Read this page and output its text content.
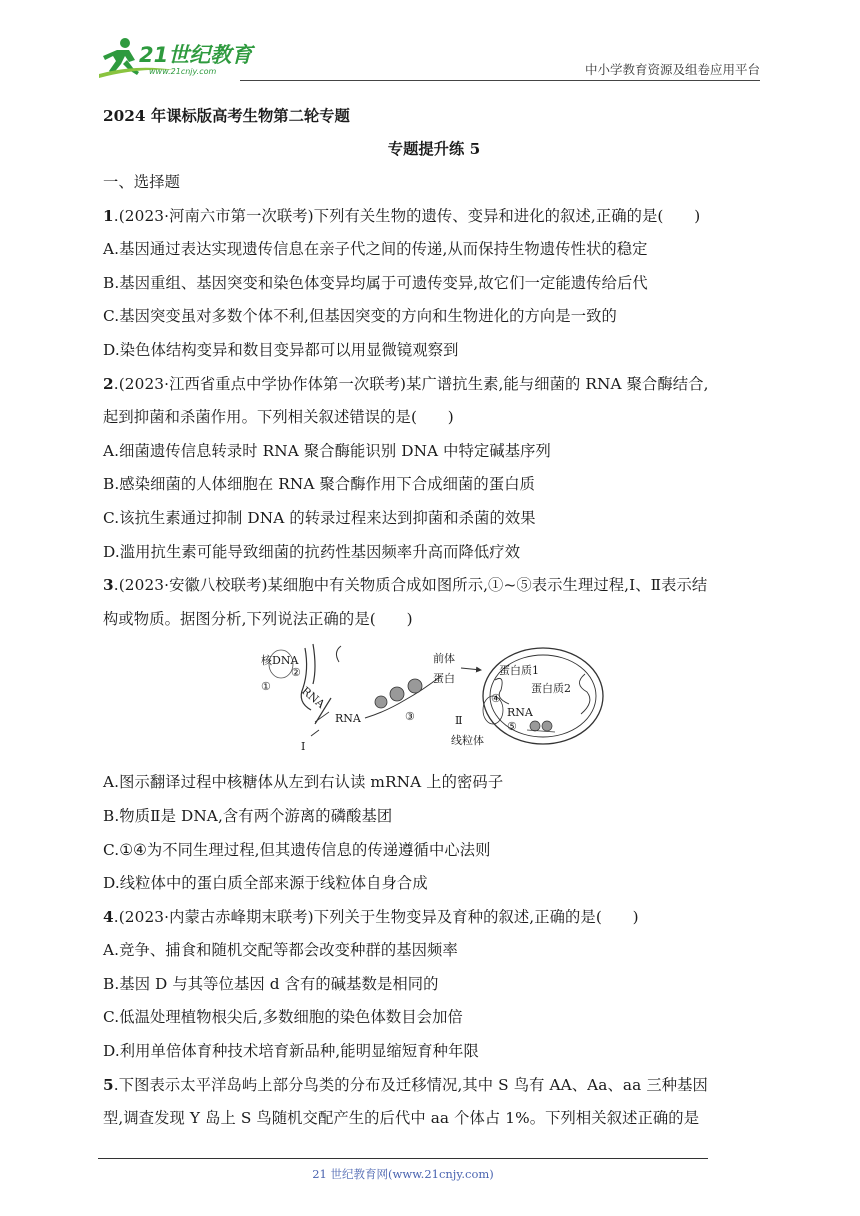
21世纪教育
www.21cnjy.com	中小学教育资源及组卷应用平台
2024 年课标版高考生物第二轮专题
专题提升练 5
一、选择题
1.(2023·河南六市第一次联考)下列有关生物的遗传、变异和进化的叙述,正确的是(　　)
A.基因通过表达实现遗传信息在亲子代之间的传递,从而保持生物遗传性状的稳定
B.基因重组、基因突变和染色体变异均属于可遗传变异,故它们一定能遗传给后代
C.基因突变虽对多数个体不利,但基因突变的方向和生物进化的方向是一致的
D.染色体结构变异和数目变异都可以用显微镜观察到
2.(2023·江西省重点中学协作体第一次联考)某广谱抗生素,能与细菌的 RNA 聚合酶结合,
起到抑菌和杀菌作用。下列相关叙述错误的是(　　)
A.细菌遗传信息转录时 RNA 聚合酶能识别 DNA 中特定碱基序列
B.感染细菌的人体细胞在 RNA 聚合酶作用下合成细菌的蛋白质
C.该抗生素通过抑制 DNA 的转录过程来达到抑菌和杀菌的效果
D.滥用抗生素可能导致细菌的抗药性基因频率升高而降低疗效
3.(2023·安徽八校联考)某细胞中有关物质合成如图所示,①~⑤表示生理过程,Ⅰ、Ⅱ表示结
构或物质。据图分析,下列说法正确的是(　　)
A.图示翻译过程中核糖体从左到右认读 mRNA 上的密码子
B.物质Ⅱ是 DNA,含有两个游离的磷酸基团
C.①④为不同生理过程,但其遗传信息的传递遵循中心法则
D.线粒体中的蛋白质全部来源于线粒体自身合成
4.(2023·内蒙古赤峰期末联考)下列关于生物变异及育种的叙述,正确的是(　　)
A.竞争、捕食和随机交配等都会改变种群的基因频率
B.基因 D 与其等位基因 d 含有的碱基数是相同的
C.低温处理植物根尖后,多数细胞的染色体数目会加倍
D.利用单倍体育种技术培育新品种,能明显缩短育种年限
5.下图表示太平洋岛屿上部分鸟类的分布及迁移情况,其中 S 鸟有 AA、Aa、aa 三种基因
型,调查发现 Y 岛上 S 鸟随机交配产生的后代中 aa 个体占 1%。下列相关叙述正确的是
核DNA
①
②
RNA
Ⅰ
RNA	③
前体
蛋白
蛋白质1
蛋白质2
④
RNA
⑤
Ⅱ
线粒体
21 世纪教育网(www.21cnjy.com)
